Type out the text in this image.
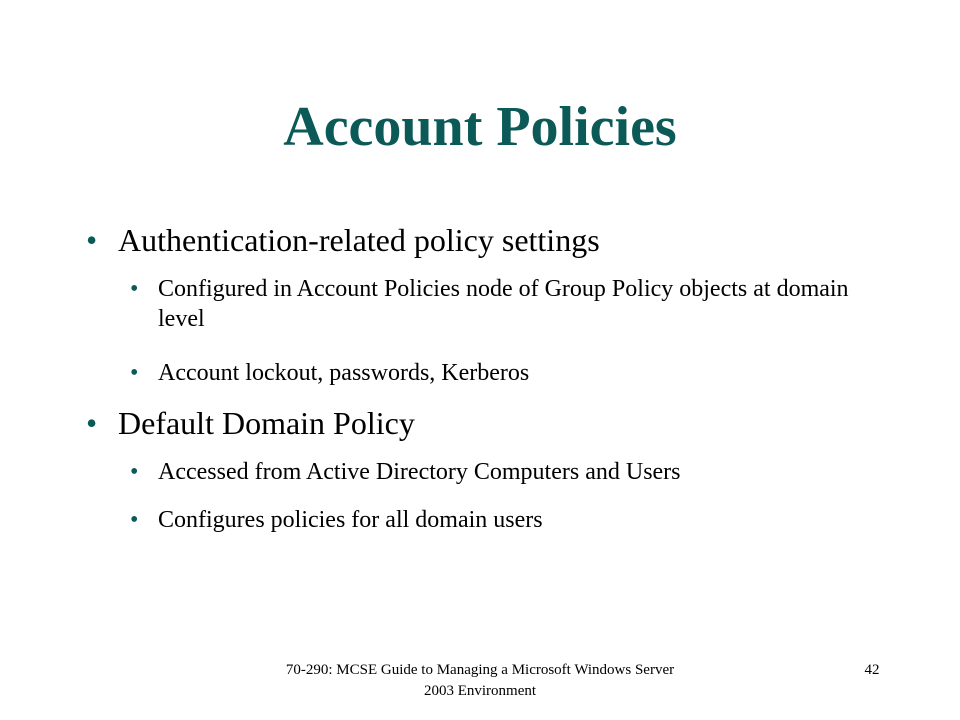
Account Policies
• Authentication-related policy settings
• Configured in Account Policies node of Group Policy objects at domain level
• Account lockout, passwords, Kerberos
• Default Domain Policy
• Accessed from Active Directory Computers and Users
• Configures policies for all domain users
70-290: MCSE Guide to Managing a Microsoft Windows Server 2003 Environment
42
